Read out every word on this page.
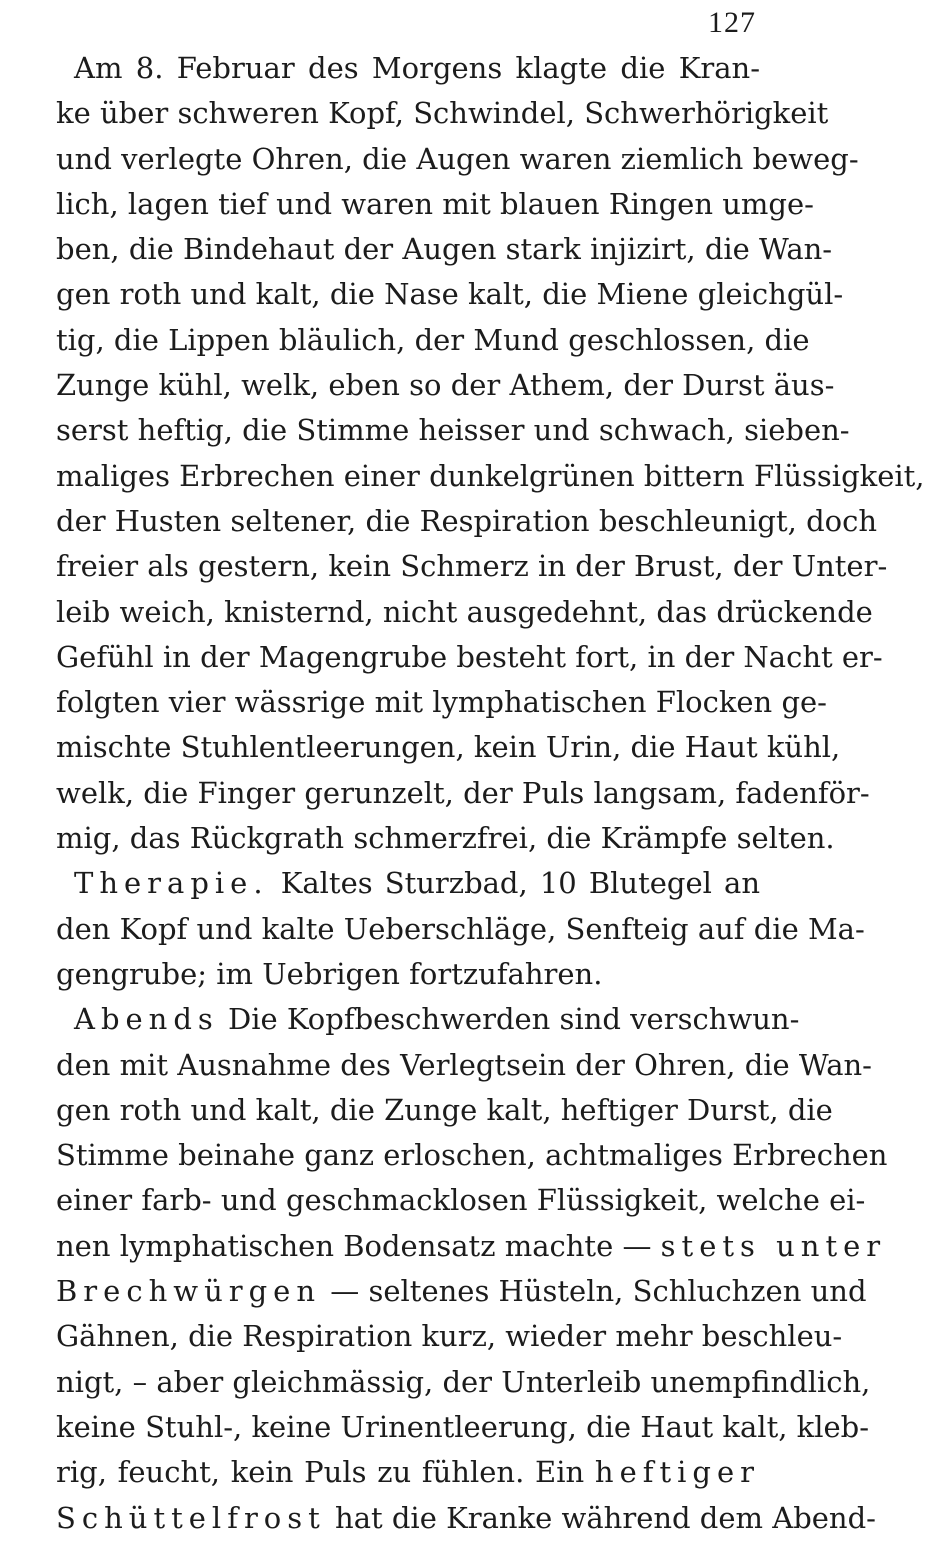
127
Am 8. Februar des Morgens klagte die Kran-
ke über schweren Kopf, Schwindel, Schwerhörigkeit
und verlegte Ohren, die Augen waren ziemlich beweg-
lich, lagen tief und waren mit blauen Ringen umge-
ben, die Bindehaut der Augen stark injizirt, die Wan-
gen roth und kalt, die Nase kalt, die Miene gleichgül-
tig, die Lippen bläulich, der Mund geschlossen, die
Zunge kühl, welk, eben so der Athem, der Durst äus-
serst heftig, die Stimme heisser und schwach, sieben-
maliges Erbrechen einer dunkelgrünen bittern Flüssigkeit,
der Husten seltener, die Respiration beschleunigt, doch
freier als gestern, kein Schmerz in der Brust, der Unter-
leib weich, knisternd, nicht ausgedehnt, das drückende
Gefühl in der Magengrube besteht fort, in der Nacht er-
folgten vier wässrige mit lymphatischen Flocken ge-
mischte Stuhlentleerungen, kein Urin, die Haut kühl,
welk, die Finger gerunzelt, der Puls langsam, fadenför-
mig, das Rückgrath schmerzfrei, die Krämpfe selten.
Therapie. Kaltes Sturzbad, 10 Blutegel an
den Kopf und kalte Ueberschläge, Senfteig auf die Ma-
gengrube; im Uebrigen fortzufahren.
Abends Die Kopfbeschwerden sind verschwun-
den mit Ausnahme des Verlegtsein der Ohren, die Wan-
gen roth und kalt, die Zunge kalt, heftiger Durst, die
Stimme beinahe ganz erloschen, achtmaliges Erbrechen
einer farb- und geschmacklosen Flüssigkeit, welche ei-
nen lymphatischen Bodensatz machte — stets unter
Brechwürgen — seltenes Hüsteln, Schluchzen und
Gähnen, die Respiration kurz, wieder mehr beschleu-
nigt, – aber gleichmässig, der Unterleib unempfindlich,
keine Stuhl-, keine Urinentleerung, die Haut kalt, kleb-
rig, feucht, kein Puls zu fühlen. Ein heftiger
Schüttelfrost hat die Kranke während dem Abend-
